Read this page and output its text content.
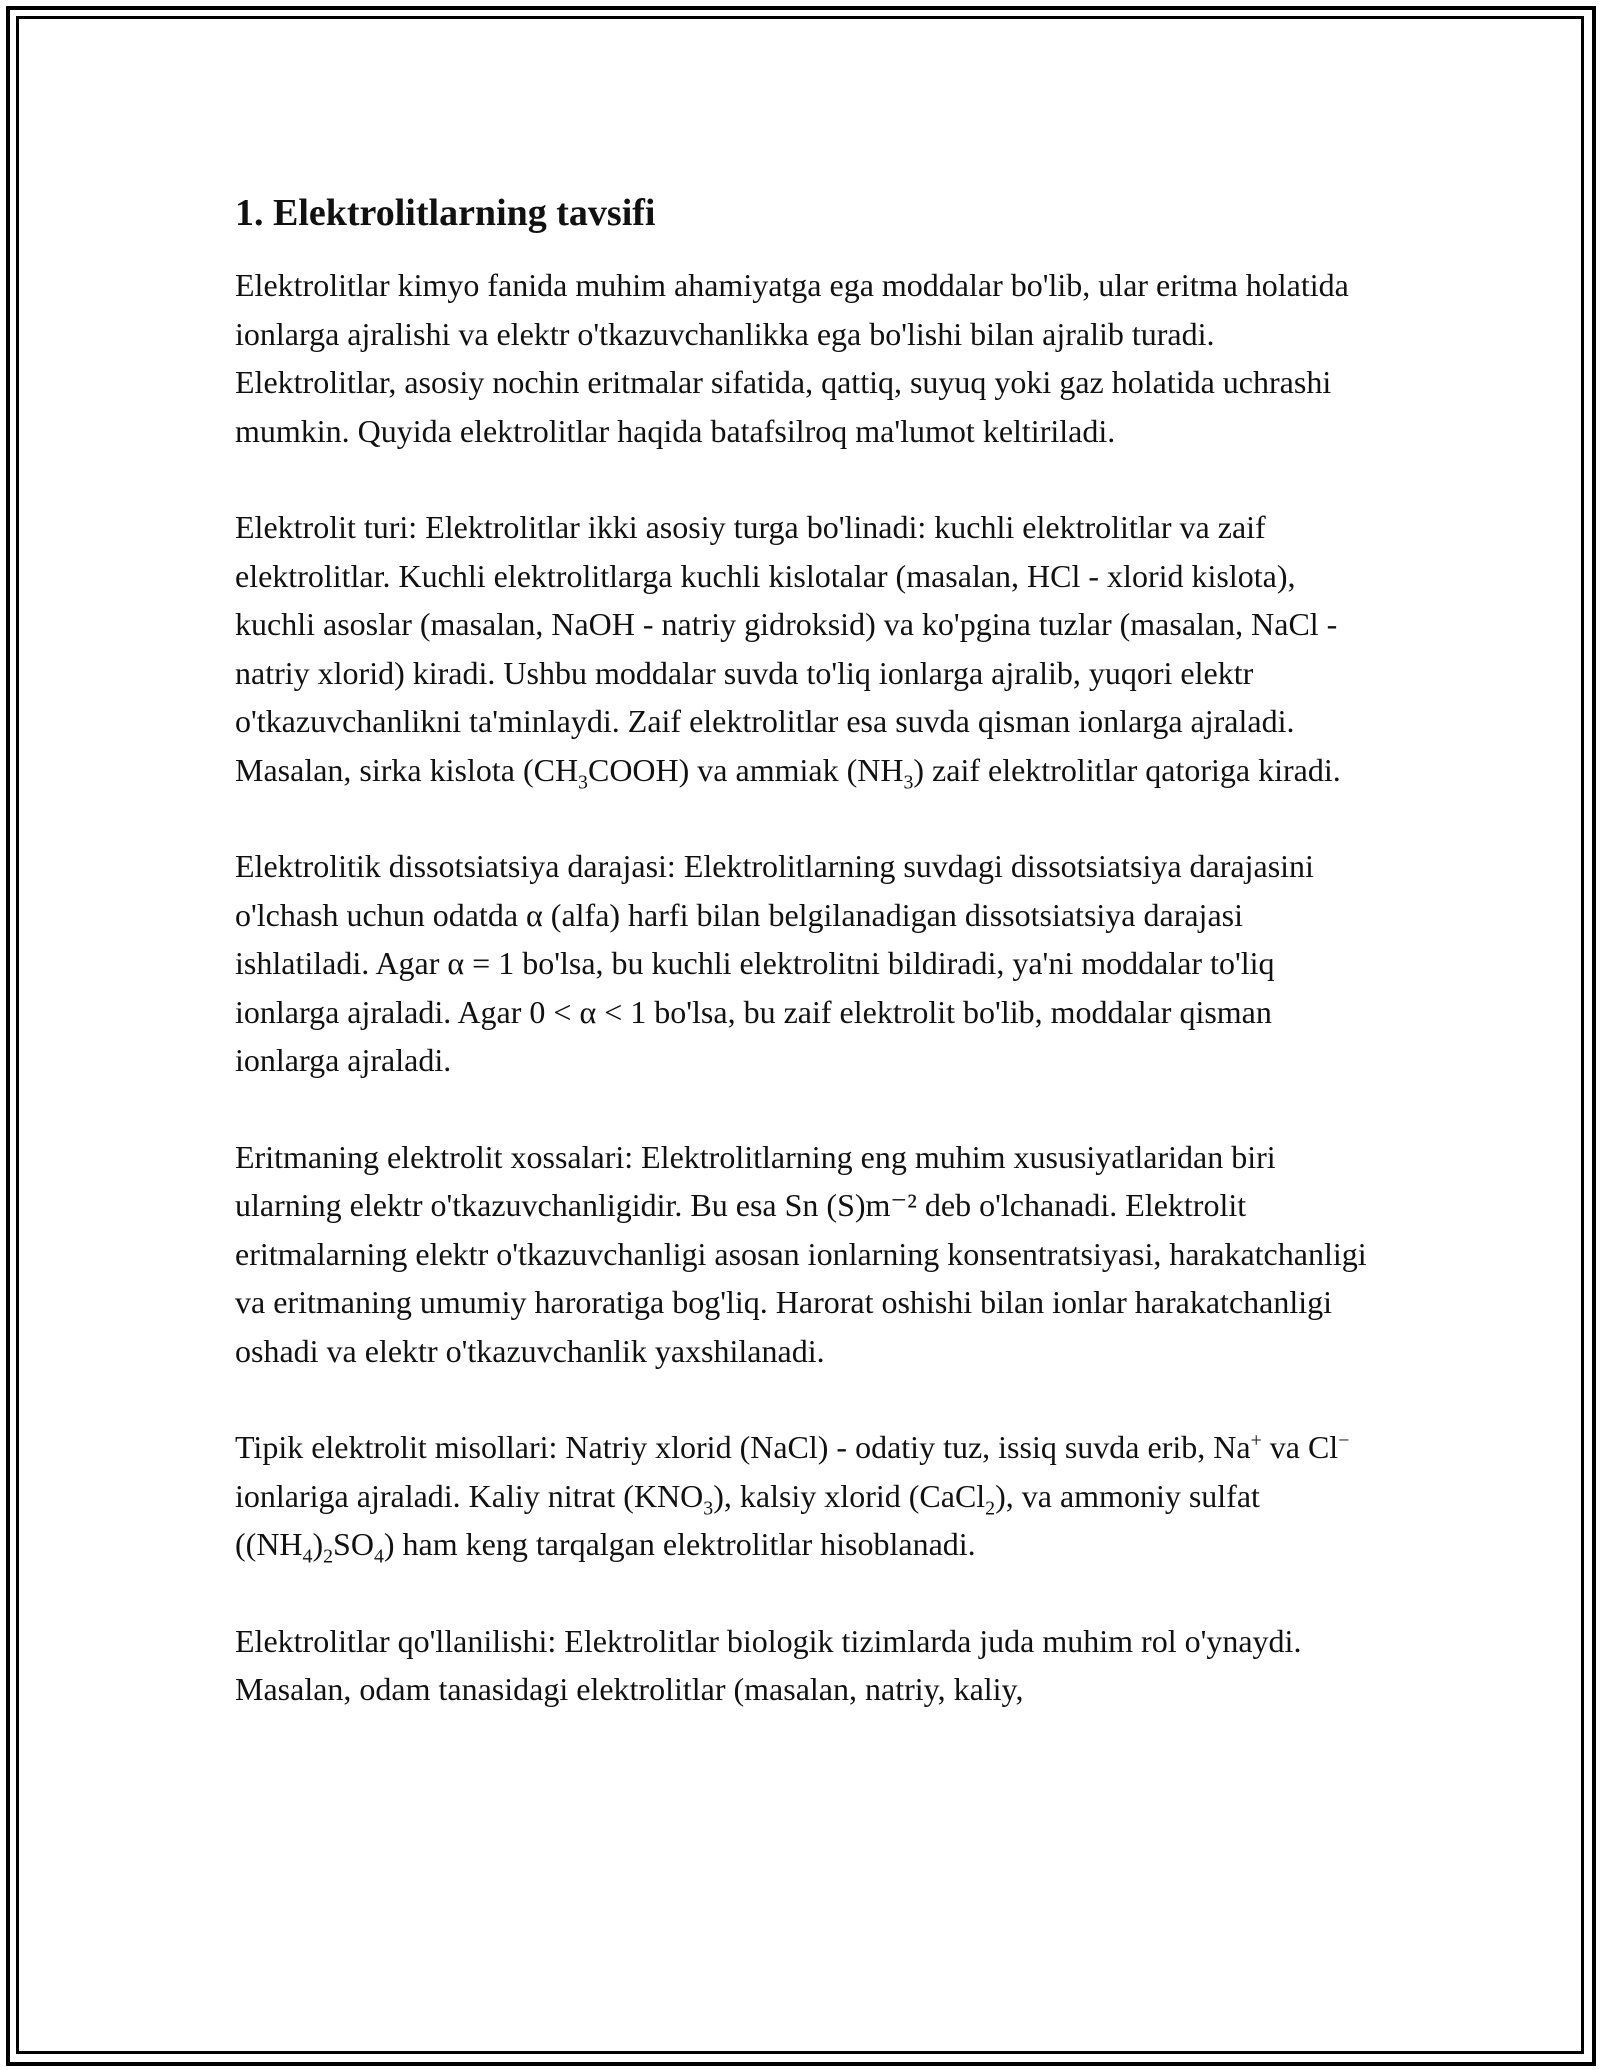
1. Elektrolitlarning tavsifi

Elektrolitlar kimyo fanida muhim ahamiyatga ega moddalar bo'lib, ular eritma holatida ionlarga ajralishi va elektr o'tkazuvchanlikka ega bo'lishi bilan ajralib turadi. Elektrolitlar, asosiy nochin eritmalar sifatida, qattiq, suyuq yoki gaz holatida uchrashi mumkin. Quyida elektrolitlar haqida batafsilroq ma'lumot keltiriladi.

Elektrolit turi: Elektrolitlar ikki asosiy turga bo'linadi: kuchli elektrolitlar va zaif elektrolitlar. Kuchli elektrolitlarga kuchli kislotalar (masalan, HCl - xlorid kislota), kuchli asoslar (masalan, NaOH - natriy gidroksid) va ko'pgina tuzlar (masalan, NaCl - natriy xlorid) kiradi. Ushbu moddalar suvda to'liq ionlarga ajralib, yuqori elektr o'tkazuvchanlikni ta'minlaydi. Zaif elektrolitlar esa suvda qisman ionlarga ajraladi. Masalan, sirka kislota $(CH_3COOH)$ va ammiak $(NH_3)$ zaif elektrolitlar qatoriga kiradi.

Elektrolitik dissotsiatsiya darajasi: Elektrolitlarning suvdagi dissotsiatsiya darajasini o'lchash uchun odatda α (alfa) harfi bilan belgilanadigan dissotsiatsiya darajasi ishlatiladi. Agar α = 1 bo'lsa, bu kuchli elektrolitni bildiradi, ya'ni moddalar to'liq ionlarga ajraladi. Agar 0 < α < 1 bo'lsa, bu zaif elektrolit bo'lib, moddalar qisman ionlarga ajraladi.

Eritmaning elektrolit xossalari: Elektrolitlarning eng muhim xususiyatlaridan biri ularning elektr o'tkazuvchanligidir. Bu esa Sn (S)m⁻² deb o'lchanadi. Elektrolit eritmalarning elektr o'tkazuvchanligi asosan ionlarning konsentratsiyasi, harakatchanligi va eritmaning umumiy haroratiga bog'liq. Harorat oshishi bilan ionlar harakatchanligi oshadi va elektr o'tkazuvchanlik yaxshilanadi.

Tipik elektrolit misollari: Natriy xlorid (NaCl) - odatiy tuz, issiq suvda erib, Na+ va Cl− ionlariga ajraladi. Kaliy nitrat $(KNO_3)$, kalsiy xlorid (CaCl$_2$), va ammoniy sulfat $((NH_4)_2SO_4)$ ham keng tarqalgan elektrolitlar hisoblanadi.

Elektrolitlar qo'llanilishi: Elektrolitlar biologik tizimlarda juda muhim rol o'ynaydi. Masalan, odam tanasidagi elektrolitlar (masalan, natriy, kaliy,
